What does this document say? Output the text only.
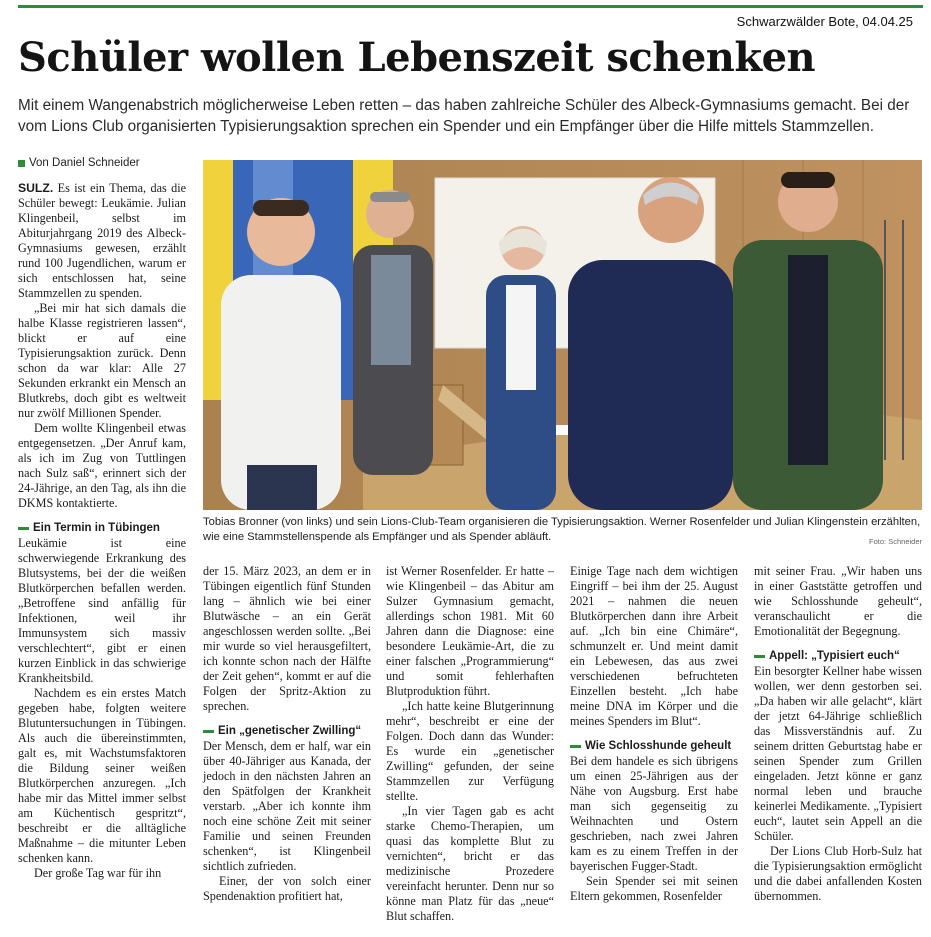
Schwarzwälder Bote, 04.04.25
Schüler wollen Lebenszeit schenken
Mit einem Wangenabstrich möglicherweise Leben retten – das haben zahlreiche Schüler des Albeck-Gymnasiums gemacht. Bei der vom Lions Club organisierten Typisierungsaktion sprechen ein Spender und ein Empfänger über die Hilfe mittels Stammzellen.
Von Daniel Schneider

SULZ. Es ist ein Thema, das die Schüler bewegt: Leukämie. Julian Klingenbeil, selbst im Abiturjahrgang 2019 des Albeck-Gymnasiums gewesen, erzählt rund 100 Jugendlichen, warum er sich entschlossen hat, seine Stammzellen zu spenden.

„Bei mir hat sich damals die halbe Klasse registrieren lassen“, blickt er auf eine Typisierungsaktion zurück. Denn schon da war klar: Alle 27 Sekunden erkrankt ein Mensch an Blutkrebs, doch gibt es weltweit nur zwölf Millionen Spender.

Dem wollte Klingenbeil etwas entgegensetzen. „Der Anruf kam, als ich im Zug von Tuttlingen nach Sulz saß“, erinnert sich der 24-Jährige, an den Tag, als ihn die DKMS kontaktierte.

Ein Termin in Tübingen

Leukämie ist eine schwerwiegende Erkrankung des Blutsystems, bei der die weißen Blutkörperchen befallen werden. „Betroffene sind anfällig für Infektionen, weil ihr Immunsystem sich massiv verschlechtert“, gibt er einen kurzen Einblick in das schwierige Krankheitsbild.

Nachdem es ein erstes Match gegeben habe, folgten weitere Blutuntersuchungen in Tübingen. Als auch die übereinstimmten, galt es, mit Wachstumsfaktoren die Bildung seiner weißen Blutkörperchen anzuregen. „Ich habe mir das Mittel immer selbst am Küchentisch gespritzt“, beschreibt er die alltägliche Maßnahme – die mitunter Leben schenken kann.

Der große Tag war für ihn

Tobias Bronner (von links) und sein Lions-Club-Team organisieren die Typisierungsaktion. Werner Rosenfelder und Julian Klingenstein erzählten, wie eine Stammstellenspende als Empfänger und als Spender abläuft.	Foto: Schneider

der 15. März 2023, an dem er in Tübingen eigentlich fünf Stunden lang – ähnlich wie bei einer Blutwäsche – an ein Gerät angeschlossen werden sollte. „Bei mir wurde so viel herausgefiltert, ich konnte schon nach der Hälfte der Zeit gehen“, kommt er auf die Folgen der Spritz-Aktion zu sprechen.

Ein „genetischer Zwilling“

Der Mensch, dem er half, war ein über 40-Jähriger aus Kanada, der jedoch in den nächsten Jahren an den Spätfolgen der Krankheit verstarb. „Aber ich konnte ihm noch eine schöne Zeit mit seiner Familie und seinen Freunden schenken“, ist Klingenbeil sichtlich zufrieden.

Einer, der von solch einer Spendenaktion profitiert hat,

ist Werner Rosenfelder. Er hatte – wie Klingenbeil – das Abitur am Sulzer Gymnasium gemacht, allerdings schon 1981. Mit 60 Jahren dann die Diagnose: eine besondere Leukämie-Art, die zu einer falschen „Programmierung“ und somit fehlerhaften Blutproduktion führt.

„Ich hatte keine Blutgerinnung mehr“, beschreibt er eine der Folgen. Doch dann das Wunder: Es wurde ein „genetischer Zwilling“ gefunden, der seine Stammzellen zur Verfügung stellte.

„In vier Tagen gab es acht starke Chemo-Therapien, um quasi das komplette Blut zu vernichten“, bricht er das medizinische Prozedere vereinfacht herunter. Denn nur so könne man Platz für das „neue“ Blut schaffen.

Einige Tage nach dem wichtigen Eingriff – bei ihm der 25. August 2021 – nahmen die neuen Blutkörperchen dann ihre Arbeit auf. „Ich bin eine Chimäre“, schmunzelt er. Und meint damit ein Lebewesen, das aus zwei verschiedenen befruchteten Einzellen besteht. „Ich habe meine DNA im Körper und die meines Spenders im Blut“.

Wie Schlosshunde geheult

Bei dem handele es sich übrigens um einen 25-Jährigen aus der Nähe von Augsburg. Erst habe man sich gegenseitig zu Weihnachten und Ostern geschrieben, nach zwei Jahren kam es zu einem Treffen in der bayerischen Fugger-Stadt.

Sein Spender sei mit seinen Eltern gekommen, Rosenfelder

mit seiner Frau. „Wir haben uns in einer Gaststätte getroffen und wie Schlosshunde geheult“, veranschaulicht er die Emotionalität der Begegnung.

Appell: „Typisiert euch“

Ein besorgter Kellner habe wissen wollen, wer denn gestorben sei. „Da haben wir alle gelacht“, klärt der jetzt 64-Jährige schließlich das Missverständnis auf. Zu seinem dritten Geburtstag habe er seinen Spender zum Grillen eingeladen. Jetzt könne er ganz normal leben und brauche keinerlei Medikamente. „Typisiert euch“, lautet sein Appell an die Schüler.

Der Lions Club Horb-Sulz hat die Typisierungsaktion ermöglicht und die dabei anfallenden Kosten übernommen.
